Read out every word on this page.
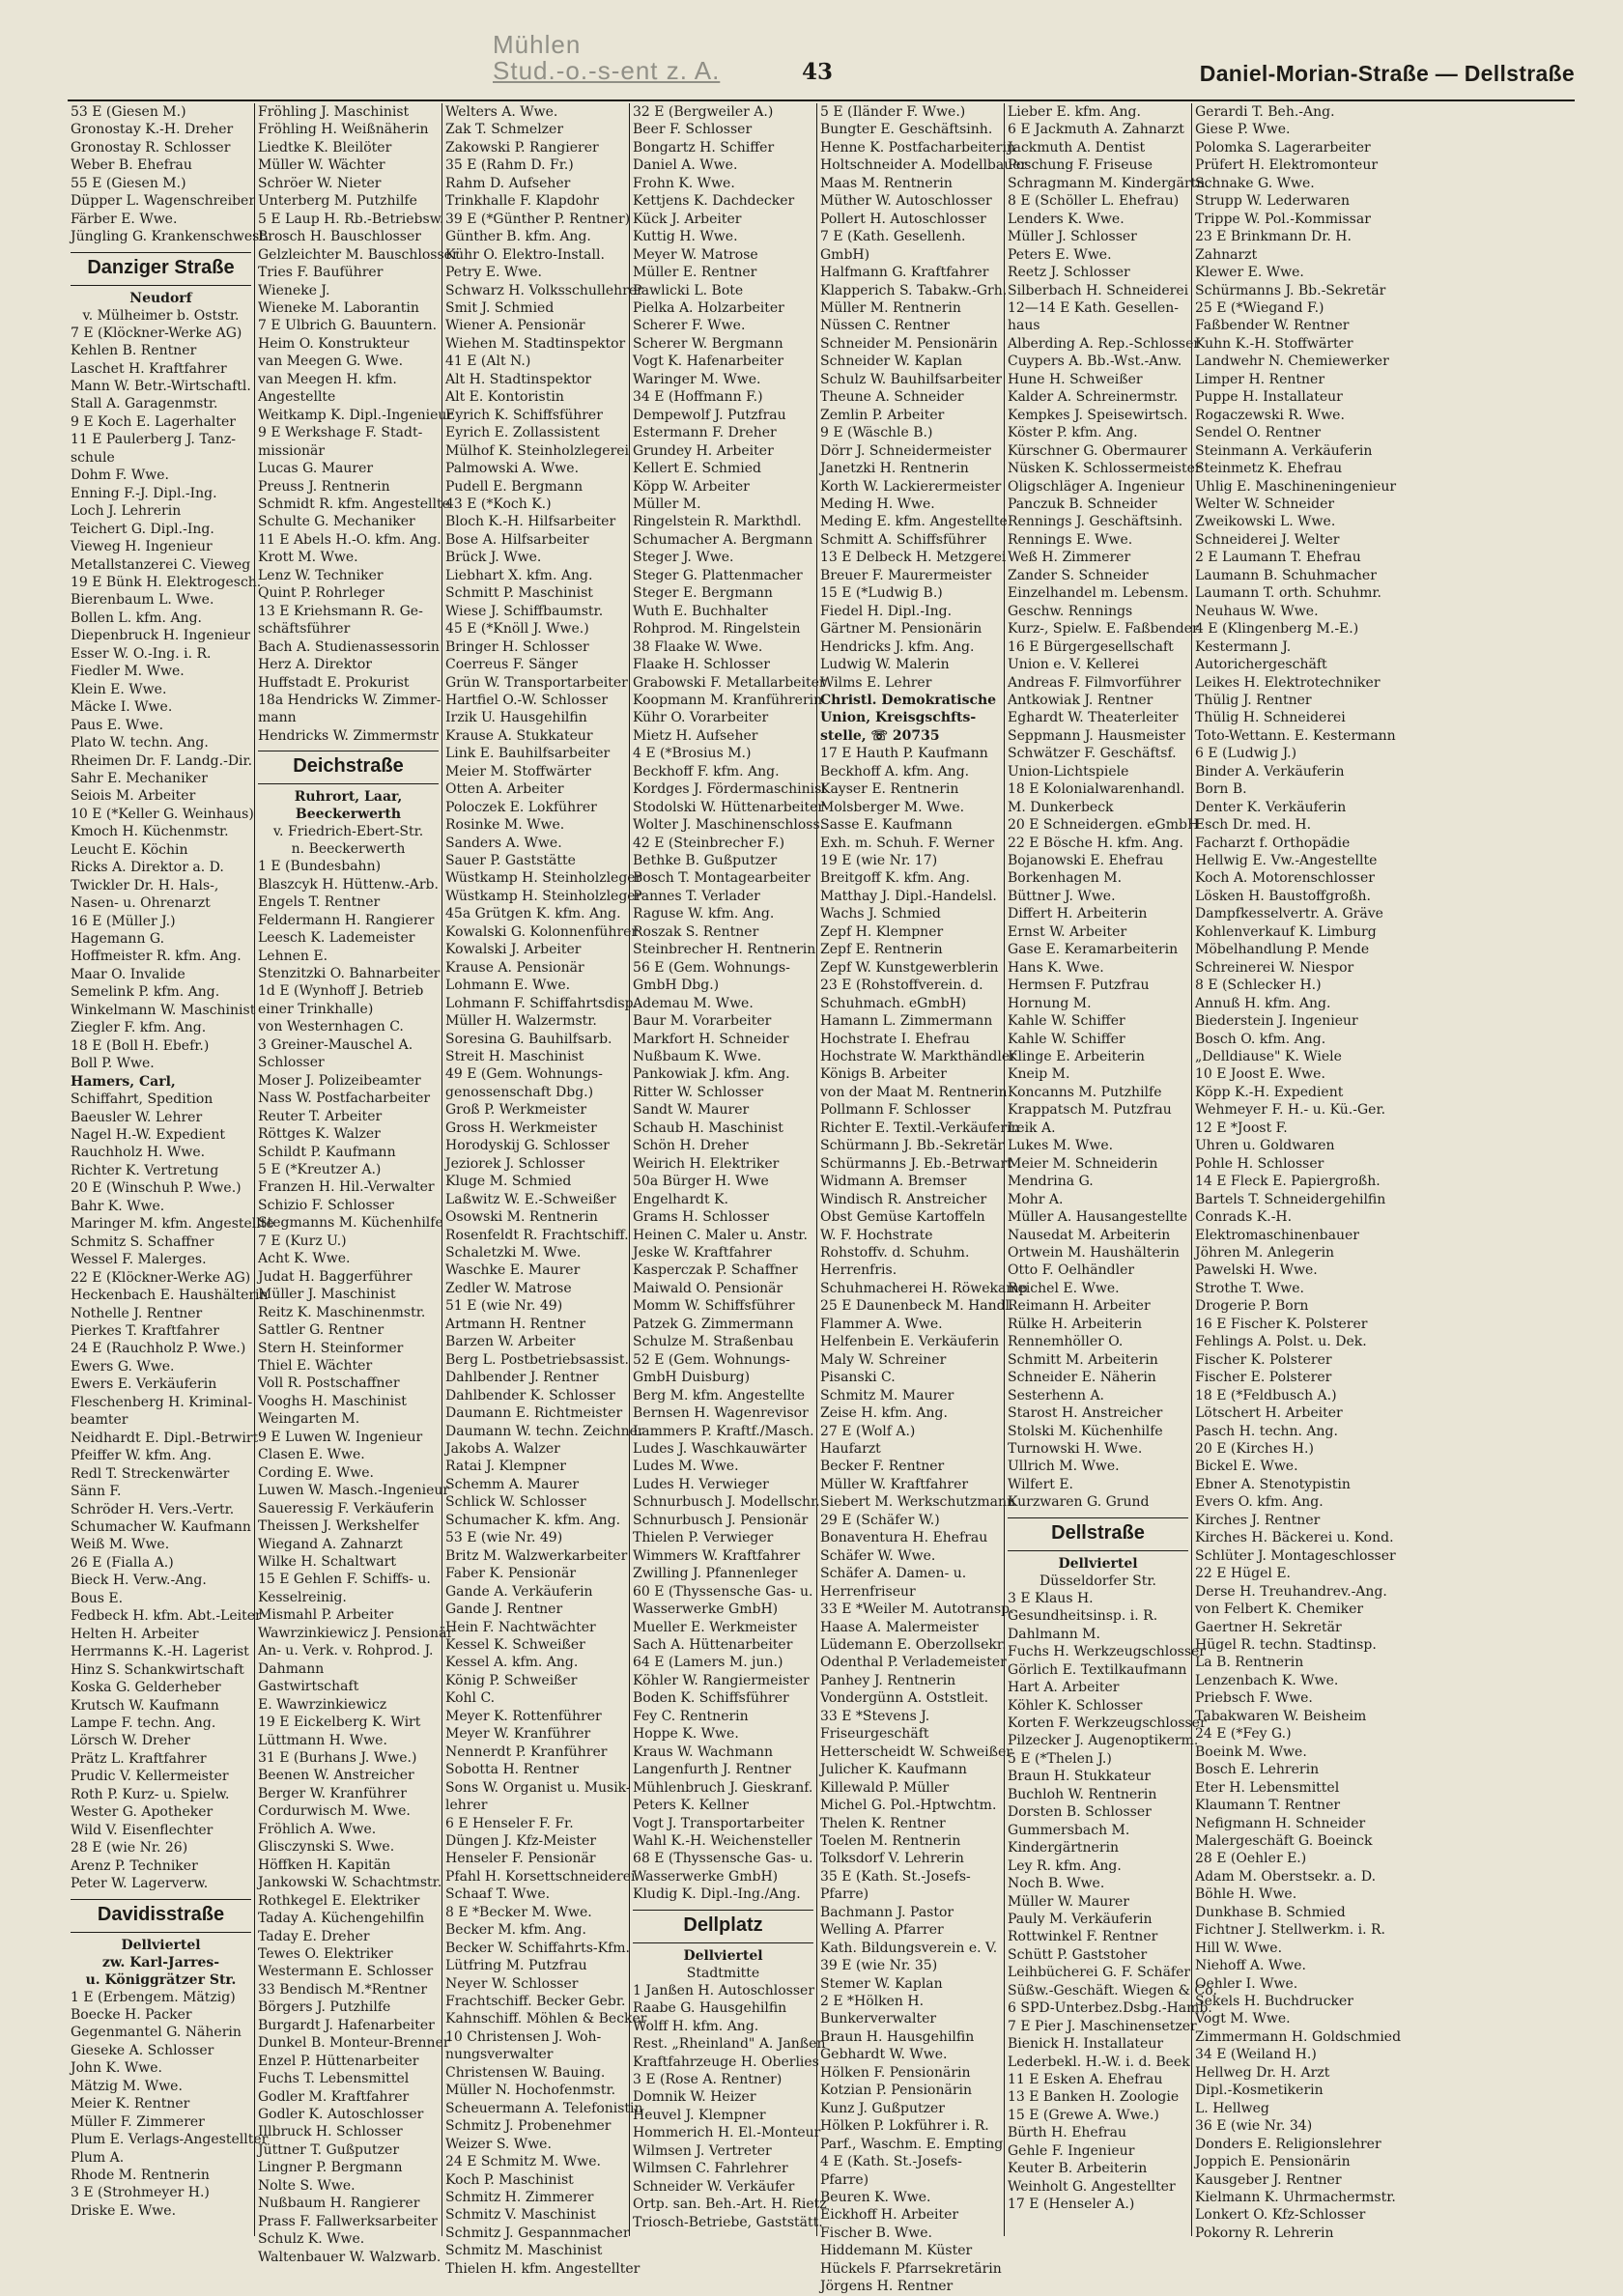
Mühlen
Stud.-o.-s-ent z. A.	43	Daniel-Morian-Straße — Dellstraße
53 E (Giesen M.)
Gronostay K.-H. Dreher
Gronostay R. Schlosser
Weber B. Ehefrau
55 E (Giesen M.)
Düpper L. Wagenschreiber
Färber E. Wwe.
Jüngling G. Krankenschwest.
Danziger Straße
Neudorf
v. Mülheimer b. Oststr.
7 E (Klöckner-Werke AG)
Kehlen B. Rentner
Laschet H. Kraftfahrer
Mann W. Betr.-Wirtschaftl.
Stall A. Garagenmstr.
9 E Koch E. Lagerhalter
11 E Paulerberg J. Tanz-
schule
Dohm F. Wwe.
Enning F.-J. Dipl.-Ing.
Loch J. Lehrerin
Teichert G. Dipl.-Ing.
Vieweg H. Ingenieur
Metallstanzerei C. Vieweg
19 E Bünk H. Elektrogesch.
Bierenbaum L. Wwe.
Bollen L. kfm. Ang.
Diepenbruck H. Ingenieur
Esser W. O.-Ing. i. R.
Fiedler M. Wwe.
Klein E. Wwe.
Mäcke I. Wwe.
Paus E. Wwe.
Plato W. techn. Ang.
Rheimen Dr. F. Landg.-Dir.
Sahr E. Mechaniker
Seiois M. Arbeiter
10 E (*Keller G. Weinhaus)
Kmoch H. Küchenmstr.
Leucht E. Köchin
Ricks A. Direktor a. D.
Twickler Dr. H. Hals-,
Nasen- u. Ohrenarzt
16 E (Müller J.)
Hagemann G.
Hoffmeister R. kfm. Ang.
Maar O. Invalide
Semelink P. kfm. Ang.
Winkelmann W. Maschinist
Ziegler F. kfm. Ang.
18 E (Boll H. Ebefr.)
Boll P. Wwe.
Hamers, Carl,
Schiffahrt, Spedition
Baeusler W. Lehrer
Nagel H.-W. Expedient
Rauchholz H. Wwe.
Richter K. Vertretung
20 E (Winschuh P. Wwe.)
Bahr K. Wwe.
Maringer M. kfm. Angestellte
Schmitz S. Schaffner
Wessel F. Malerges.
22 E (Klöckner-Werke AG)
Heckenbach E. Haushälterin
Nothelle J. Rentner
Pierkes T. Kraftfahrer
24 E (Rauchholz P. Wwe.)
Ewers G. Wwe.
Ewers E. Verkäuferin
Fleschenberg H. Kriminal-
beamter
Neidhardt E. Dipl.-Betrwirt
Pfeiffer W. kfm. Ang.
Redl T. Streckenwärter
Sänn F.
Schröder H. Vers.-Vertr.
Schumacher W. Kaufmann
Weiß M. Wwe.
26 E (Fialla A.)
Bieck H. Verw.-Ang.
Bous E.
Fedbeck H. kfm. Abt.-Leiter
Helten H. Arbeiter
Herrmanns K.-H. Lagerist
Hinz S. Schankwirtschaft
Koska G. Gelderheber
Krutsch W. Kaufmann
Lampe F. techn. Ang.
Lörsch W. Dreher
Prätz L. Kraftfahrer
Prudic V. Kellermeister
Roth P. Kurz- u. Spielw.
Wester G. Apotheker
Wild V. Eisenflechter
28 E (wie Nr. 26)
Arenz P. Techniker
Peter W. Lagerverw.
Davidisstraße
Dellviertel
zw. Karl-Jarres-
u. Königgrätzer Str.
1 E (Erbengem. Mätzig)
Boecke H. Packer
Gegenmantel G. Näherin
Gieseke A. Schlosser
John K. Wwe.
Mätzig M. Wwe.
Meier K. Rentner
Müller F. Zimmerer
Plum E. Verlags-Angestellter
Plum A.
Rhode M. Rentnerin
3 E (Strohmeyer H.)
Driske E. Wwe.
Fröhling J. Maschinist
Fröhling H. Weißnäherin
Liedtke K. Bleilöter
Müller W. Wächter
Schröer W. Nieter
Unterberg M. Putzhilfe
5 E Laup H. Rb.-Betriebsw.
Brosch H. Bauschlosser
Gelzleichter M. Bauschlosser
Tries F. Bauführer
Wieneke J.
Wieneke M. Laborantin
7 E Ulbrich G. Bauuntern.
Heim O. Konstrukteur
van Meegen G. Wwe.
van Meegen H. kfm.
Angestellte
Weitkamp K. Dipl.-Ingenieur
9 E Werkshage F. Stadt-
missionär
Lucas G. Maurer
Preuss J. Rentnerin
Schmidt R. kfm. Angestellte
Schulte G. Mechaniker
11 E Abels H.-O. kfm. Ang.
Krott M. Wwe.
Lenz W. Techniker
Quint P. Rohrleger
13 E Kriehsmann R. Ge-
schäftsführer
Bach A. Studienassessorin
Herz A. Direktor
Huffstadt E. Prokurist
18a Hendricks W. Zimmer-
mann
Hendricks W. Zimmermstr
Deichstraße
Ruhrort, Laar, Beeckerwerth
v. Friedrich-Ebert-Str.
n. Beeckerwerth
1 E (Bundesbahn)
Blaszcyk H. Hüttenw.-Arb.
Engels T. Rentner
Feldermann H. Rangierer
Leesch K. Lademeister
Lehnen E.
Stenzitzki O. Bahnarbeiter
1d E (Wynhoff J. Betrieb
einer Trinkhalle)
von Westernhagen C.
3 Greiner-Mauschel A.
Schlosser
Moser J. Polizeibeamter
Nass W. Postfacharbeiter
Reuter T. Arbeiter
Röttges K. Walzer
Schildt P. Kaufmann
5 E (*Kreutzer A.)
Franzen H. Hil.-Verwalter
Schizio F. Schlosser
Stegmanns M. Küchenhilfe
7 E (Kurz U.)
Acht K. Wwe.
Judat H. Baggerführer
Müller J. Maschinist
Reitz K. Maschinenmstr.
Sattler G. Rentner
Stern H. Steinformer
Thiel E. Wächter
Voll R. Postschaffner
Vooghs H. Maschinist
Weingarten M.
9 E Luwen W. Ingenieur
Clasen E. Wwe.
Cording E. Wwe.
Luwen W. Masch.-Ingenieur
Saueressig F. Verkäuferin
Theissen J. Werkshelfer
Wiegand A. Zahnarzt
Wilke H. Schaltwart
15 E Gehlen F. Schiffs- u.
Kesselreinig.
Mismahl P. Arbeiter
Wawrzinkiewicz J. Pensionär
An- u. Verk. v. Rohprod. J.
Dahmann
Gastwirtschaft
E. Wawrzinkiewicz
19 E Eickelberg K. Wirt
Lüttmann H. Wwe.
31 E (Burhans J. Wwe.)
Beenen W. Anstreicher
Berger W. Kranführer
Cordurwisch M. Wwe.
Fröhlich A. Wwe.
Glisczynski S. Wwe.
Höffken H. Kapitän
Jankowski W. Schachtmstr.
Rothkegel E. Elektriker
Taday A. Küchengehilfin
Taday E. Dreher
Tewes O. Elektriker
Westermann E. Schlosser
33 Bendisch M.*Rentner
Börgers J. Putzhilfe
Burgardt J. Hafenarbeiter
Dunkel B. Monteur-Brenner
Enzel P. Hüttenarbeiter
Fuchs T. Lebensmittel
Godler M. Kraftfahrer
Godler K. Autoschlosser
Illbruck H. Schlosser
Jüttner T. Gußputzer
Lingner P. Bergmann
Nolte S. Wwe.
Nußbaum H. Rangierer
Prass F. Fallwerksarbeiter
Schulz K. Wwe.
Waltenbauer W. Walzwarb.
Welters A. Wwe.
Zak T. Schmelzer
Zakowski P. Rangierer
35 E (Rahm D. Fr.)
Rahm D. Aufseher
Trinkhalle F. Klapdohr
39 E (*Günther P. Rentner)
Günther B. kfm. Ang.
Kühr O. Elektro-Install.
Petry E. Wwe.
Schwarz H. Volksschullehrer
Smit J. Schmied
Wiener A. Pensionär
Wiehen M. Stadtinspektor
41 E (Alt N.)
Alt H. Stadtinspektor
Alt E. Kontoristin
Eyrich K. Schiffsführer
Eyrich E. Zollassistent
Mülhof K. Steinholzlegerei
Palmowski A. Wwe.
Pudell E. Bergmann
43 E (*Koch K.)
Bloch K.-H. Hilfsarbeiter
Bose A. Hilfsarbeiter
Brück J. Wwe.
Liebhart X. kfm. Ang.
Schmitt P. Maschinist
Wiese J. Schiffbaumstr.
45 E (*Knöll J. Wwe.)
Bringer H. Schlosser
Coerreus F. Sänger
Grün W. Transportarbeiter
Hartfiel O.-W. Schlosser
Irzik U. Hausgehilfin
Krause A. Stukkateur
Link E. Bauhilfsarbeiter
Meier M. Stoffwärter
Otten A. Arbeiter
Poloczek E. Lokführer
Rosinke M. Wwe.
Sanders A. Wwe.
Sauer P. Gaststätte
Wüstkamp H. Steinholzleger
Wüstkamp H. Steinholzleger
45a Grütgen K. kfm. Ang.
Kowalski G. Kolonnenführer
Kowalski J. Arbeiter
Krause A. Pensionär
Lohmann E. Wwe.
Lohmann F. Schiffahrtsdisp.
Müller H. Walzermstr.
Soresina G. Bauhilfsarb.
Streit H. Maschinist
49 E (Gem. Wohnungs-
genossenschaft Dbg.)
Groß P. Werkmeister
Gross H. Werkmeister
Horodyskij G. Schlosser
Jeziorek J. Schlosser
Kluge M. Schmied
Laßwitz W. E.-Schweißer
Osowski M. Rentnerin
Rosenfeldt R. Frachtschiff.
Schaletzki M. Wwe.
Waschke E. Maurer
Zedler W. Matrose
51 E (wie Nr. 49)
Artmann H. Rentner
Barzen W. Arbeiter
Berg L. Postbetriebsassist.
Dahlbender J. Rentner
Dahlbender K. Schlosser
Daumann E. Richtmeister
Daumann W. techn. Zeichner
Jakobs A. Walzer
Ratai J. Klempner
Schemm A. Maurer
Schlick W. Schlosser
Schumacher K. kfm. Ang.
53 E (wie Nr. 49)
Britz M. Walzwerkarbeiter
Faber K. Pensionär
Gande A. Verkäuferin
Gande J. Rentner
Hein F. Nachtwächter
Kessel K. Schweißer
Kessel A. kfm. Ang.
König P. Schweißer
Kohl C.
Meyer K. Rottenführer
Meyer W. Kranführer
Nennerdt P. Kranführer
Sobotta H. Rentner
Sons W. Organist u. Musik-
lehrer
6 E Henseler F. Fr.
Düngen J. Kfz-Meister
Henseler F. Pensionär
Pfahl H. Korsettschneiderei
Schaaf T. Wwe.
8 E *Becker M. Wwe.
Becker M. kfm. Ang.
Becker W. Schiffahrts-Kfm.
Lütfring M. Putzfrau
Neyer W. Schlosser
Frachtschiff. Becker Gebr.
Kahnschiff. Möhlen & Becker
10 Christensen J. Woh-
nungsverwalter
Christensen W. Bauing.
Müller N. Hochofenmstr.
Scheuermann A. Telefonistin
Schmitz J. Probenehmer
Weizer S. Wwe.
24 E Schmitz M. Wwe.
Koch P. Maschinist
Schmitz H. Zimmerer
Schmitz V. Maschinist
Schmitz J. Gespannmacher
Schmitz M. Maschinist
Thielen H. kfm. Angestellter
32 E (Bergweiler A.)
Beer F. Schlosser
Bongartz H. Schiffer
Daniel A. Wwe.
Frohn K. Wwe.
Kettjens K. Dachdecker
Kück J. Arbeiter
Kuttig H. Wwe.
Meyer W. Matrose
Müller E. Rentner
Pawlicki L. Bote
Pielka A. Holzarbeiter
Scherer F. Wwe.
Scherer W. Bergmann
Vogt K. Hafenarbeiter
Waringer M. Wwe.
34 E (Hoffmann F.)
Dempewolf J. Putzfrau
Estermann F. Dreher
Grundey H. Arbeiter
Kellert E. Schmied
Köpp W. Arbeiter
Müller M.
Ringelstein R. Markthdl.
Schumacher A. Bergmann
Steger J. Wwe.
Steger G. Plattenmacher
Steger E. Bergmann
Wuth E. Buchhalter
Rohprod. M. Ringelstein
38 Flaake W. Wwe.
Flaake H. Schlosser
Grabowski F. Metallarbeiter
Koopmann M. Kranführerin
Kühr O. Vorarbeiter
Mietz H. Aufseher
4 E (*Brosius M.)
Beckhoff F. kfm. Ang.
Kordges J. Fördermaschinist
Stodolski W. Hüttenarbeiter
Wolter J. Maschinenschloss.
42 E (Steinbrecher F.)
Bethke B. Gußputzer
Bosch T. Montagearbeiter
Pannes T. Verlader
Raguse W. kfm. Ang.
Roszak S. Rentner
Steinbrecher H. Rentnerin
56 E (Gem. Wohnungs-
GmbH Dbg.)
Ademau M. Wwe.
Baur M. Vorarbeiter
Markfort H. Schneider
Nußbaum K. Wwe.
Pankowiak J. kfm. Ang.
Ritter W. Schlosser
Sandt W. Maurer
Schaub H. Maschinist
Schön H. Dreher
Weirich H. Elektriker
50a Bürger H. Wwe
Engelhardt K.
Grams H. Schlosser
Heinen C. Maler u. Anstr.
Jeske W. Kraftfahrer
Kasperczak P. Schaffner
Maiwald O. Pensionär
Momm W. Schiffsführer
Patzek G. Zimmermann
Schulze M. Straßenbau
52 E (Gem. Wohnungs-
GmbH Duisburg)
Berg M. kfm. Angestellte
Bernsen H. Wagenrevisor
Lammers P. Kraftf./Masch.
Ludes J. Waschkauwärter
Ludes M. Wwe.
Ludes H. Verwieger
Schnurbusch J. Modellschr.
Schnurbusch J. Pensionär
Thielen P. Verwieger
Wimmers W. Kraftfahrer
Zwilling J. Pfannenleger
60 E (Thyssensche Gas- u.
Wasserwerke GmbH)
Mueller E. Werkmeister
Sach A. Hüttenarbeiter
64 E (Lamers M. jun.)
Köhler W. Rangiermeister
Boden K. Schiffsführer
Fey C. Rentnerin
Hoppe K. Wwe.
Kraus W. Wachmann
Langenfurth J. Rentner
Mühlenbruch J. Gieskranf.
Peters K. Kellner
Vogt J. Transportarbeiter
Wahl K.-H. Weichensteller
68 E (Thyssensche Gas- u.
Wasserwerke GmbH)
Kludig K. Dipl.-Ing./Ang.
Dellplatz
Dellviertel
Stadtmitte
1 Janßen H. Autoschlosser
Raabe G. Hausgehilfin
Wolff H. kfm. Ang.
Rest. „Rheinland" A. Janßen
Kraftfahrzeuge H. Oberlies
3 E (Rose A. Rentner)
Domnik W. Heizer
Heuvel J. Klempner
Hommerich H. El.-Monteur
Wilmsen J. Vertreter
Wilmsen C. Fahrlehrer
Schneider W. Verkäufer
Ortp. san. Beh.-Art. H. Rietz
Triosch-Betriebe, Gaststätt.
5 E (Iländer F. Wwe.)
Bungter E. Geschäftsinh.
Henne K. Postfacharbeiterin
Holtschneider A. Modellbauer
Maas M. Rentnerin
Müther W. Autoschlosser
Pollert H. Autoschlosser
7 E (Kath. Gesellenh.
GmbH)
Halfmann G. Kraftfahrer
Klapperich S. Tabakw.-Grh.
Müller M. Rentnerin
Nüssen C. Rentner
Schneider M. Pensionärin
Schneider W. Kaplan
Schulz W. Bauhilfsarbeiter
Theune A. Schneider
Zemlin P. Arbeiter
9 E (Wäschle B.)
Dörr J. Schneidermeister
Janetzki H. Rentnerin
Korth W. Lackierermeister
Meding H. Wwe.
Meding E. kfm. Angestellte
Schmitt A. Schiffsführer
13 E Delbeck H. Metzgerei
Breuer F. Maurermeister
15 E (*Ludwig B.)
Fiedel H. Dipl.-Ing.
Gärtner M. Pensionärin
Hendricks J. kfm. Ang.
Ludwig W. Malerin
Wilms E. Lehrer
Christl. Demokratische
Union, Kreisgschfts-
stelle, ☏ 20735
17 E Hauth P. Kaufmann
Beckhoff A. kfm. Ang.
Kayser E. Rentnerin
Molsberger M. Wwe.
Sasse E. Kaufmann
Exh. m. Schuh. F. Werner
19 E (wie Nr. 17)
Breitgoff K. kfm. Ang.
Matthay J. Dipl.-Handelsl.
Wachs J. Schmied
Zepf H. Klempner
Zepf E. Rentnerin
Zepf W. Kunstgewerblerin
23 E (Rohstoffverein. d.
Schuhmach. eGmbH)
Hamann L. Zimmermann
Hochstrate I. Ehefrau
Hochstrate W. Markthändler
Königs B. Arbeiter
von der Maat M. Rentnerin
Pollmann F. Schlosser
Richter E. Textil.-Verkäuferin
Schürmann J. Bb.-Sekretär
Schürmanns J. Eb.-Betrwart
Widmann A. Bremser
Windisch R. Anstreicher
Obst Gemüse Kartoffeln
W. F. Hochstrate
Rohstoffv. d. Schuhm.
Herrenfris.
Schuhmacherei H. Röwekamp
25 E Daunenbeck M. Handl.
Flammer A. Wwe.
Helfenbein E. Verkäuferin
Maly W. Schreiner
Pisanski C.
Schmitz M. Maurer
Zeise H. kfm. Ang.
27 E (Wolf A.)
Haufarzt
Becker F. Rentner
Müller W. Kraftfahrer
Siebert M. Werkschutzmann
29 E (Schäfer W.)
Bonaventura H. Ehefrau
Schäfer W. Wwe.
Schäfer A. Damen- u.
Herrenfriseur
33 E *Weiler M. Autotransp.
Haase A. Malermeister
Lüdemann E. Oberzollsekr.
Odenthal P. Verlademeister
Panhey J. Rentnerin
Vondergünn A. Oststleit.
33 E *Stevens J.
Friseurgeschäft
Hetterscheidt W. Schweißer
Julicher K. Kaufmann
Killewald P. Müller
Michel G. Pol.-Hptwchtm.
Thelen K. Rentner
Toelen M. Rentnerin
Tolksdorf V. Lehrerin
35 E (Kath. St.-Josefs-
Pfarre)
Bachmann J. Pastor
Welling A. Pfarrer
Kath. Bildungsverein e. V.
39 E (wie Nr. 35)
Stemer W. Kaplan
2 E *Hölken H.
Bunkerverwalter
Braun H. Hausgehilfin
Gebhardt W. Wwe.
Hölken F. Pensionärin
Kotzian P. Pensionärin
Kunz J. Gußputzer
Hölken P. Lokführer i. R.
Parf., Waschm. E. Empting
4 E (Kath. St.-Josefs-
Pfarre)
Beuren K. Wwe.
Eickhoff H. Arbeiter
Fischer B. Wwe.
Hiddemann M. Küster
Hückels F. Pfarrsekretärin
Jörgens H. Rentner
Lieber E. kfm. Ang.
6 E Jackmuth A. Zahnarzt
Jackmuth A. Dentist
Poschung F. Friseuse
Schragmann M. Kindergärtn.
8 E (Schöller L. Ehefrau)
Lenders K. Wwe.
Müller J. Schlosser
Peters E. Wwe.
Reetz J. Schlosser
Silberbach H. Schneiderei
12—14 E Kath. Gesellen-
haus
Alberding A. Rep.-Schlosser
Cuypers A. Bb.-Wst.-Anw.
Hune H. Schweißer
Kalder A. Schreinermstr.
Kempkes J. Speisewirtsch.
Köster P. kfm. Ang.
Kürschner G. Obermaurer
Nüsken K. Schlossermeister
Oligschläger A. Ingenieur
Panczuk B. Schneider
Rennings J. Geschäftsinh.
Rennings E. Wwe.
Weß H. Zimmerer
Zander S. Schneider
Einzelhandel m. Lebensm.
Geschw. Rennings
Kurz-, Spielw. E. Faßbender
16 E Bürgergesellschaft
Union e. V. Kellerei
Andreas F. Filmvorführer
Antkowiak J. Rentner
Eghardt W. Theaterleiter
Seppmann J. Hausmeister
Schwätzer F. Geschäftsf.
Union-Lichtspiele
18 E Kolonialwarenhandl.
M. Dunkerbeck
20 E Schneidergen. eGmbH
22 E Bösche H. kfm. Ang.
Bojanowski E. Ehefrau
Borkenhagen M.
Büttner J. Wwe.
Differt H. Arbeiterin
Ernst W. Arbeiter
Gase E. Keramarbeiterin
Hans K. Wwe.
Hermsen F. Putzfrau
Hornung M.
Kahle W. Schiffer
Kahle W. Schiffer
Klinge E. Arbeiterin
Kneip M.
Koncanns M. Putzhilfe
Krappatsch M. Putzfrau
Leik A.
Lukes M. Wwe.
Meier M. Schneiderin
Mendrina G.
Mohr A.
Müller A. Hausangestellte
Nausedat M. Arbeiterin
Ortwein M. Haushälterin
Otto F. Oelhändler
Reichel E. Wwe.
Reimann H. Arbeiter
Rülke H. Arbeiterin
Rennemhöller O.
Schmitt M. Arbeiterin
Schneider E. Näherin
Sesterhenn A.
Starost H. Anstreicher
Stolski M. Küchenhilfe
Turnowski H. Wwe.
Ullrich M. Wwe.
Wilfert E.
Kurzwaren G. Grund
Dellstraße
Dellviertel
Düsseldorfer Str.
3 E Klaus H.
Gesundheitsinsp. i. R.
Dahlmann M.
Fuchs H. Werkzeugschlosser
Görlich E. Textilkaufmann
Hart A. Arbeiter
Köhler K. Schlosser
Korten F. Werkzeugschlosser
Pilzecker J. Augenoptikerm.
5 E (*Thelen J.)
Braun H. Stukkateur
Buchloh W. Rentnerin
Dorsten B. Schlosser
Gummersbach M.
Kindergärtnerin
Ley R. kfm. Ang.
Noch B. Wwe.
Müller W. Maurer
Pauly M. Verkäuferin
Rottwinkel F. Rentner
Schütt P. Gaststoher
Leihbücherei G. F. Schäfer
Süßw.-Geschäft. Wiegen & Co.
6 SPD-Unterbez.Dsbg.-Hamb.
7 E Pier J. Maschinensetzer
Bienick H. Installateur
Lederbekl. H.-W. i. d. Beek
11 E Esken A. Ehefrau
13 E Banken H. Zoologie
15 E (Grewe A. Wwe.)
Bürth H. Ehefrau
Gehle F. Ingenieur
Keuter B. Arbeiterin
Weinholt G. Angestellter
17 E (Henseler A.)
Gerardi T. Beh.-Ang.
Giese P. Wwe.
Polomka S. Lagerarbeiter
Prüfert H. Elektromonteur
Schnake G. Wwe.
Strupp W. Lederwaren
Trippe W. Pol.-Kommissar
23 E Brinkmann Dr. H.
Zahnarzt
Klewer E. Wwe.
Schürmanns J. Bb.-Sekretär
25 E (*Wiegand F.)
Faßbender W. Rentner
Kuhn K.-H. Stoffwärter
Landwehr N. Chemiewerker
Limper H. Rentner
Puppe H. Installateur
Rogaczewski R. Wwe.
Sendel O. Rentner
Steinmann A. Verkäuferin
Steinmetz K. Ehefrau
Uhlig E. Maschineningenieur
Welter W. Schneider
Zweikowski L. Wwe.
Schneiderei J. Welter
2 E Laumann T. Ehefrau
Laumann B. Schuhmacher
Laumann T. orth. Schuhmr.
Neuhaus W. Wwe.
4 E (Klingenberg M.-E.)
Kestermann J.
Autorichergeschäft
Leikes H. Elektrotechniker
Thülig J. Rentner
Thülig H. Schneiderei
Toto-Wettann. E. Kestermann
6 E (Ludwig J.)
Binder A. Verkäuferin
Born B.
Denter K. Verkäuferin
Esch Dr. med. H.
Facharzt f. Orthopädie
Hellwig E. Vw.-Angestellte
Koch A. Motorenschlosser
Lösken H. Baustoffgroßh.
Dampfkesselvertr. A. Gräve
Kohlenverkauf K. Limburg
Möbelhandlung P. Mende
Schreinerei W. Niespor
8 E (Schlecker H.)
Annuß H. kfm. Ang.
Biederstein J. Ingenieur
Bosch O. kfm. Ang.
„Delldiause" K. Wiele
10 E Joost E. Wwe.
Köpp K.-H. Expedient
Wehmeyer F. H.- u. Kü.-Ger.
12 E *Joost F.
Uhren u. Goldwaren
Pohle H. Schlosser
14 E Fleck E. Papiergroßh.
Bartels T. Schneidergehilfin
Conrads K.-H.
Elektromaschinenbauer
Jöhren M. Anlegerin
Pawelski H. Wwe.
Strothe T. Wwe.
Drogerie P. Born
16 E Fischer K. Polsterer
Fehlings A. Polst. u. Dek.
Fischer K. Polsterer
Fischer E. Polsterer
18 E (*Feldbusch A.)
Lötschert H. Arbeiter
Pasch H. techn. Ang.
20 E (Kirches H.)
Bickel E. Wwe.
Ebner A. Stenotypistin
Evers O. kfm. Ang.
Kirches J. Rentner
Kirches H. Bäckerei u. Kond.
Schlüter J. Montageschlosser
22 E Hügel E.
Derse H. Treuhandrev.-Ang.
von Felbert K. Chemiker
Gaertner H. Sekretär
Hügel R. techn. Stadtinsp.
La B. Rentnerin
Lenzenbach K. Wwe.
Priebsch F. Wwe.
Tabakwaren W. Beisheim
24 E (*Fey G.)
Boeink M. Wwe.
Bosch E. Lehrerin
Eter H. Lebensmittel
Klaumann T. Rentner
Nefigmann H. Schneider
Malergeschäft G. Boeinck
28 E (Oehler E.)
Adam M. Oberstsekr. a. D.
Böhle H. Wwe.
Dunkhase B. Schmied
Fichtner J. Stellwerkm. i. R.
Hill W. Wwe.
Niehoff A. Wwe.
Oehler I. Wwe.
Sekels H. Buchdrucker
Vogt M. Wwe.
Zimmermann H. Goldschmied
34 E (Weiland H.)
Hellweg Dr. H. Arzt
Dipl.-Kosmetikerin
L. Hellweg
36 E (wie Nr. 34)
Donders E. Religionslehrer
Joppich E. Pensionärin
Kausgeber J. Rentner
Kielmann K. Uhrmachermstr.
Lonkert O. Kfz-Schlosser
Pokorny R. Lehrerin
